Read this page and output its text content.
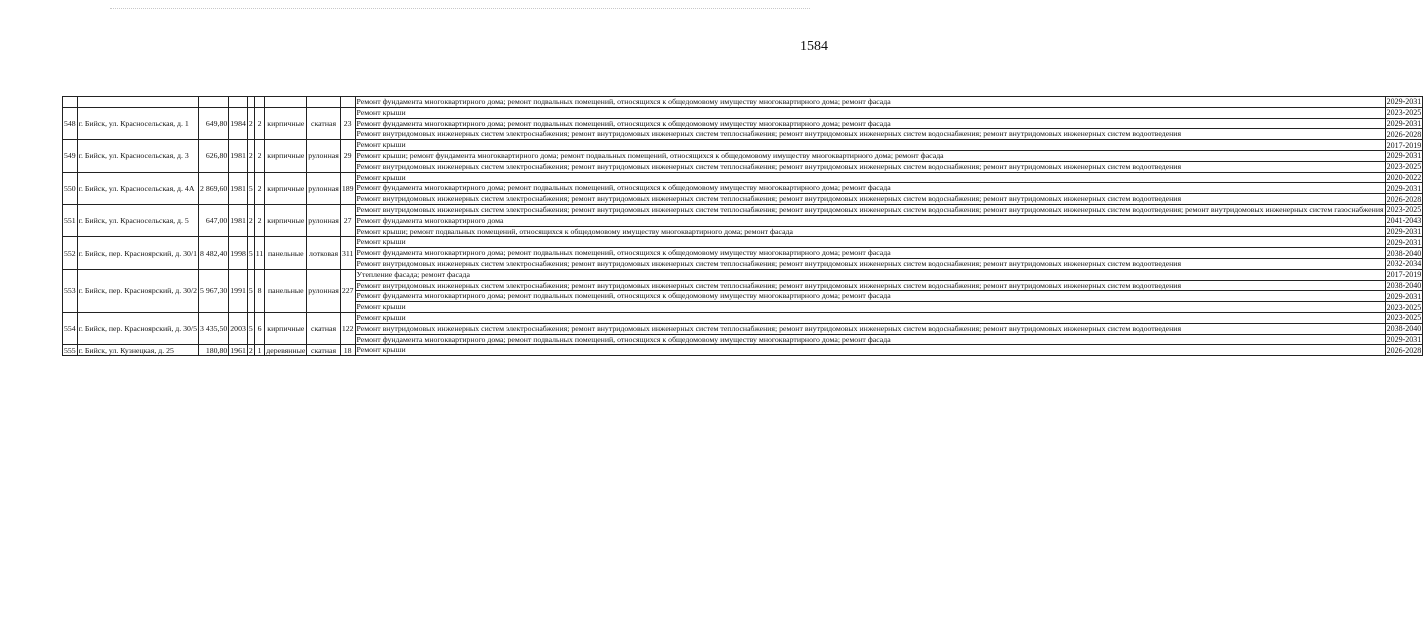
1584
									Ремонт фундамента многоквартирного дома; ремонт подвальных помещений, относящихся к общедомовому имуществу многоквартирного дома; ремонт фасада	2029-2031
548	г. Бийск, ул. Красносельская, д. 1	649,80	1984	2	2	кирпичные	скатная	23	Ремонт крыши	2023-2025
									Ремонт фундамента многоквартирного дома; ремонт подвальных помещений, относящихся к общедомовому имуществу многоквартирного дома; ремонт фасада	2029-2031
									Ремонт внутридомовых инженерных систем электроснабжения; ремонт внутридомовых инженерных систем теплоснабжения; ремонт внутридомовых инженерных систем водоснабжения; ремонт внутридомовых инженерных систем водоотведения	2026-2028
549	г. Бийск, ул. Красносельская, д. 3	626,80	1981	2	2	кирпичные	рулонная	29	Ремонт крыши	2017-2019
									Ремонт крыши; ремонт фундамента многоквартирного дома; ремонт подвальных помещений, относящихся к общедомовому имуществу многоквартирного дома; ремонт фасада	2029-2031
									Ремонт внутридомовых инженерных систем электроснабжения; ремонт внутридомовых инженерных систем теплоснабжения; ремонт внутридомовых инженерных систем водоснабжения; ремонт внутридомовых инженерных систем водоотведения	2023-2025
550	г. Бийск, ул. Красносельская, д. 4А	2 869,60	1981	5	2	кирпичные	рулонная	189	Ремонт крыши	2020-2022
									Ремонт фундамента многоквартирного дома; ремонт подвальных помещений, относящихся к общедомовому имуществу многоквартирного дома; ремонт фасада	2029-2031
									Ремонт внутридомовых инженерных систем электроснабжения; ремонт внутридомовых инженерных систем теплоснабжения; ремонт внутридомовых инженерных систем водоснабжения; ремонт внутридомовых инженерных систем водоотведения	2026-2028
551	г. Бийск, ул. Красносельская, д. 5	647,00	1981	2	2	кирпичные	рулонная	27	Ремонт внутридомовых инженерных систем электроснабжения; ремонт внутридомовых инженерных систем теплоснабжения; ремонт внутридомовых инженерных систем водоснабжения; ремонт внутридомовых инженерных систем водоотведения; ремонт внутридомовых инженерных систем газоснабжения	2023-2025
									Ремонт фундамента многоквартирного дома	2041-2043
									Ремонт крыши; ремонт подвальных помещений, относящихся к общедомовому имуществу многоквартирного дома; ремонт фасада	2029-2031
552	г. Бийск, пер. Красноярский, д. 30/1	8 482,40	1998	5	11	панельные	лотковая	311	Ремонт крыши	2029-2031
									Ремонт фундамента многоквартирного дома; ремонт подвальных помещений, относящихся к общедомовому имуществу многоквартирного дома; ремонт фасада	2038-2040
									Ремонт внутридомовых инженерных систем электроснабжения; ремонт внутридомовых инженерных систем теплоснабжения; ремонт внутридомовых инженерных систем водоснабжения; ремонт внутридомовых инженерных систем водоотведения	2032-2034
553	г. Бийск, пер. Красноярский, д. 30/2	5 967,30	1991	5	8	панельные	рулонная	227	Утепление фасада; ремонт фасада	2017-2019
									Ремонт внутридомовых инженерных систем электроснабжения; ремонт внутридомовых инженерных систем теплоснабжения; ремонт внутридомовых инженерных систем водоснабжения; ремонт внутридомовых инженерных систем водоотведения	2038-2040
									Ремонт фундамента многоквартирного дома; ремонт подвальных помещений, относящихся к общедомовому имуществу многоквартирного дома; ремонт фасада	2029-2031
									Ремонт крыши	2023-2025
554	г. Бийск, пер. Красноярский, д. 30/5	3 435,50	2003	5	6	кирпичные	скатная	122	Ремонт крыши	2023-2025
									Ремонт внутридомовых инженерных систем электроснабжения; ремонт внутридомовых инженерных систем теплоснабжения; ремонт внутридомовых инженерных систем водоснабжения; ремонт внутридомовых инженерных систем водоотведения	2038-2040
									Ремонт фундамента многоквартирного дома; ремонт подвальных помещений, относящихся к общедомовому имуществу многоквартирного дома; ремонт фасада	2029-2031
555	г. Бийск, ул. Кузнецкая, д. 25	180,80	1961	2	1	деревянные	скатная	18	Ремонт крыши	2026-2028
